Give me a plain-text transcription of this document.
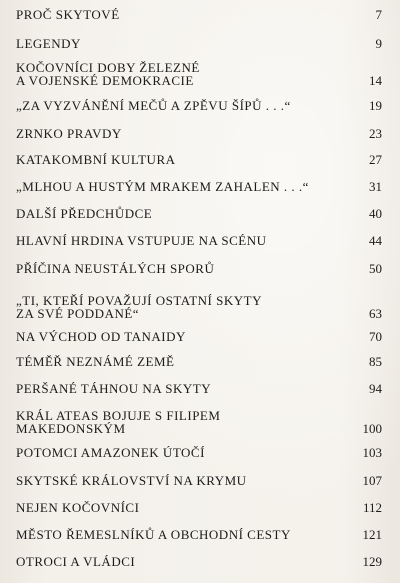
PROČ SKYTOVÉ	7
LEGENDY	9
KOČOVNÍCI DOBY ŽELEZNÉ
A VOJENSKÉ DEMOKRACIE	14
„ZA VYZVÁNĚNÍ MEČŮ A ZPĚVU ŠÍPŮ . . .“	19
ZRNKO PRAVDY	23
KATAKOMBNÍ KULTURA	27
„MLHOU A HUSTÝM MRAKEM ZAHALEN . . .“	31
DALŠÍ PŘEDCHŮDCE	40
HLAVNÍ HRDINA VSTUPUJE NA SCÉNU	44
PŘÍČINA NEUSTÁLÝCH SPORŮ	50
„TI, KTEŘÍ POVAŽUJÍ OSTATNÍ SKYTY
ZA SVÉ PODDANÉ“	63
NA VÝCHOD OD TANAIDY	70
TÉMĚŘ NEZNÁMÉ ZEMĚ	85
PERŠANÉ TÁHNOU NA SKYTY	94
KRÁL ATEAS BOJUJE S FILIPEM
MAKEDONSKÝM	100
POTOMCI AMAZONEK ÚTOČÍ	103
SKYTSKÉ KRÁLOVSTVÍ NA KRYMU	107
NEJEN KOČOVNÍCI	112
MĚSTO ŘEMESLNÍKŮ A OBCHODNÍ CESTY	121
OTROCI A VLÁDCI	129
